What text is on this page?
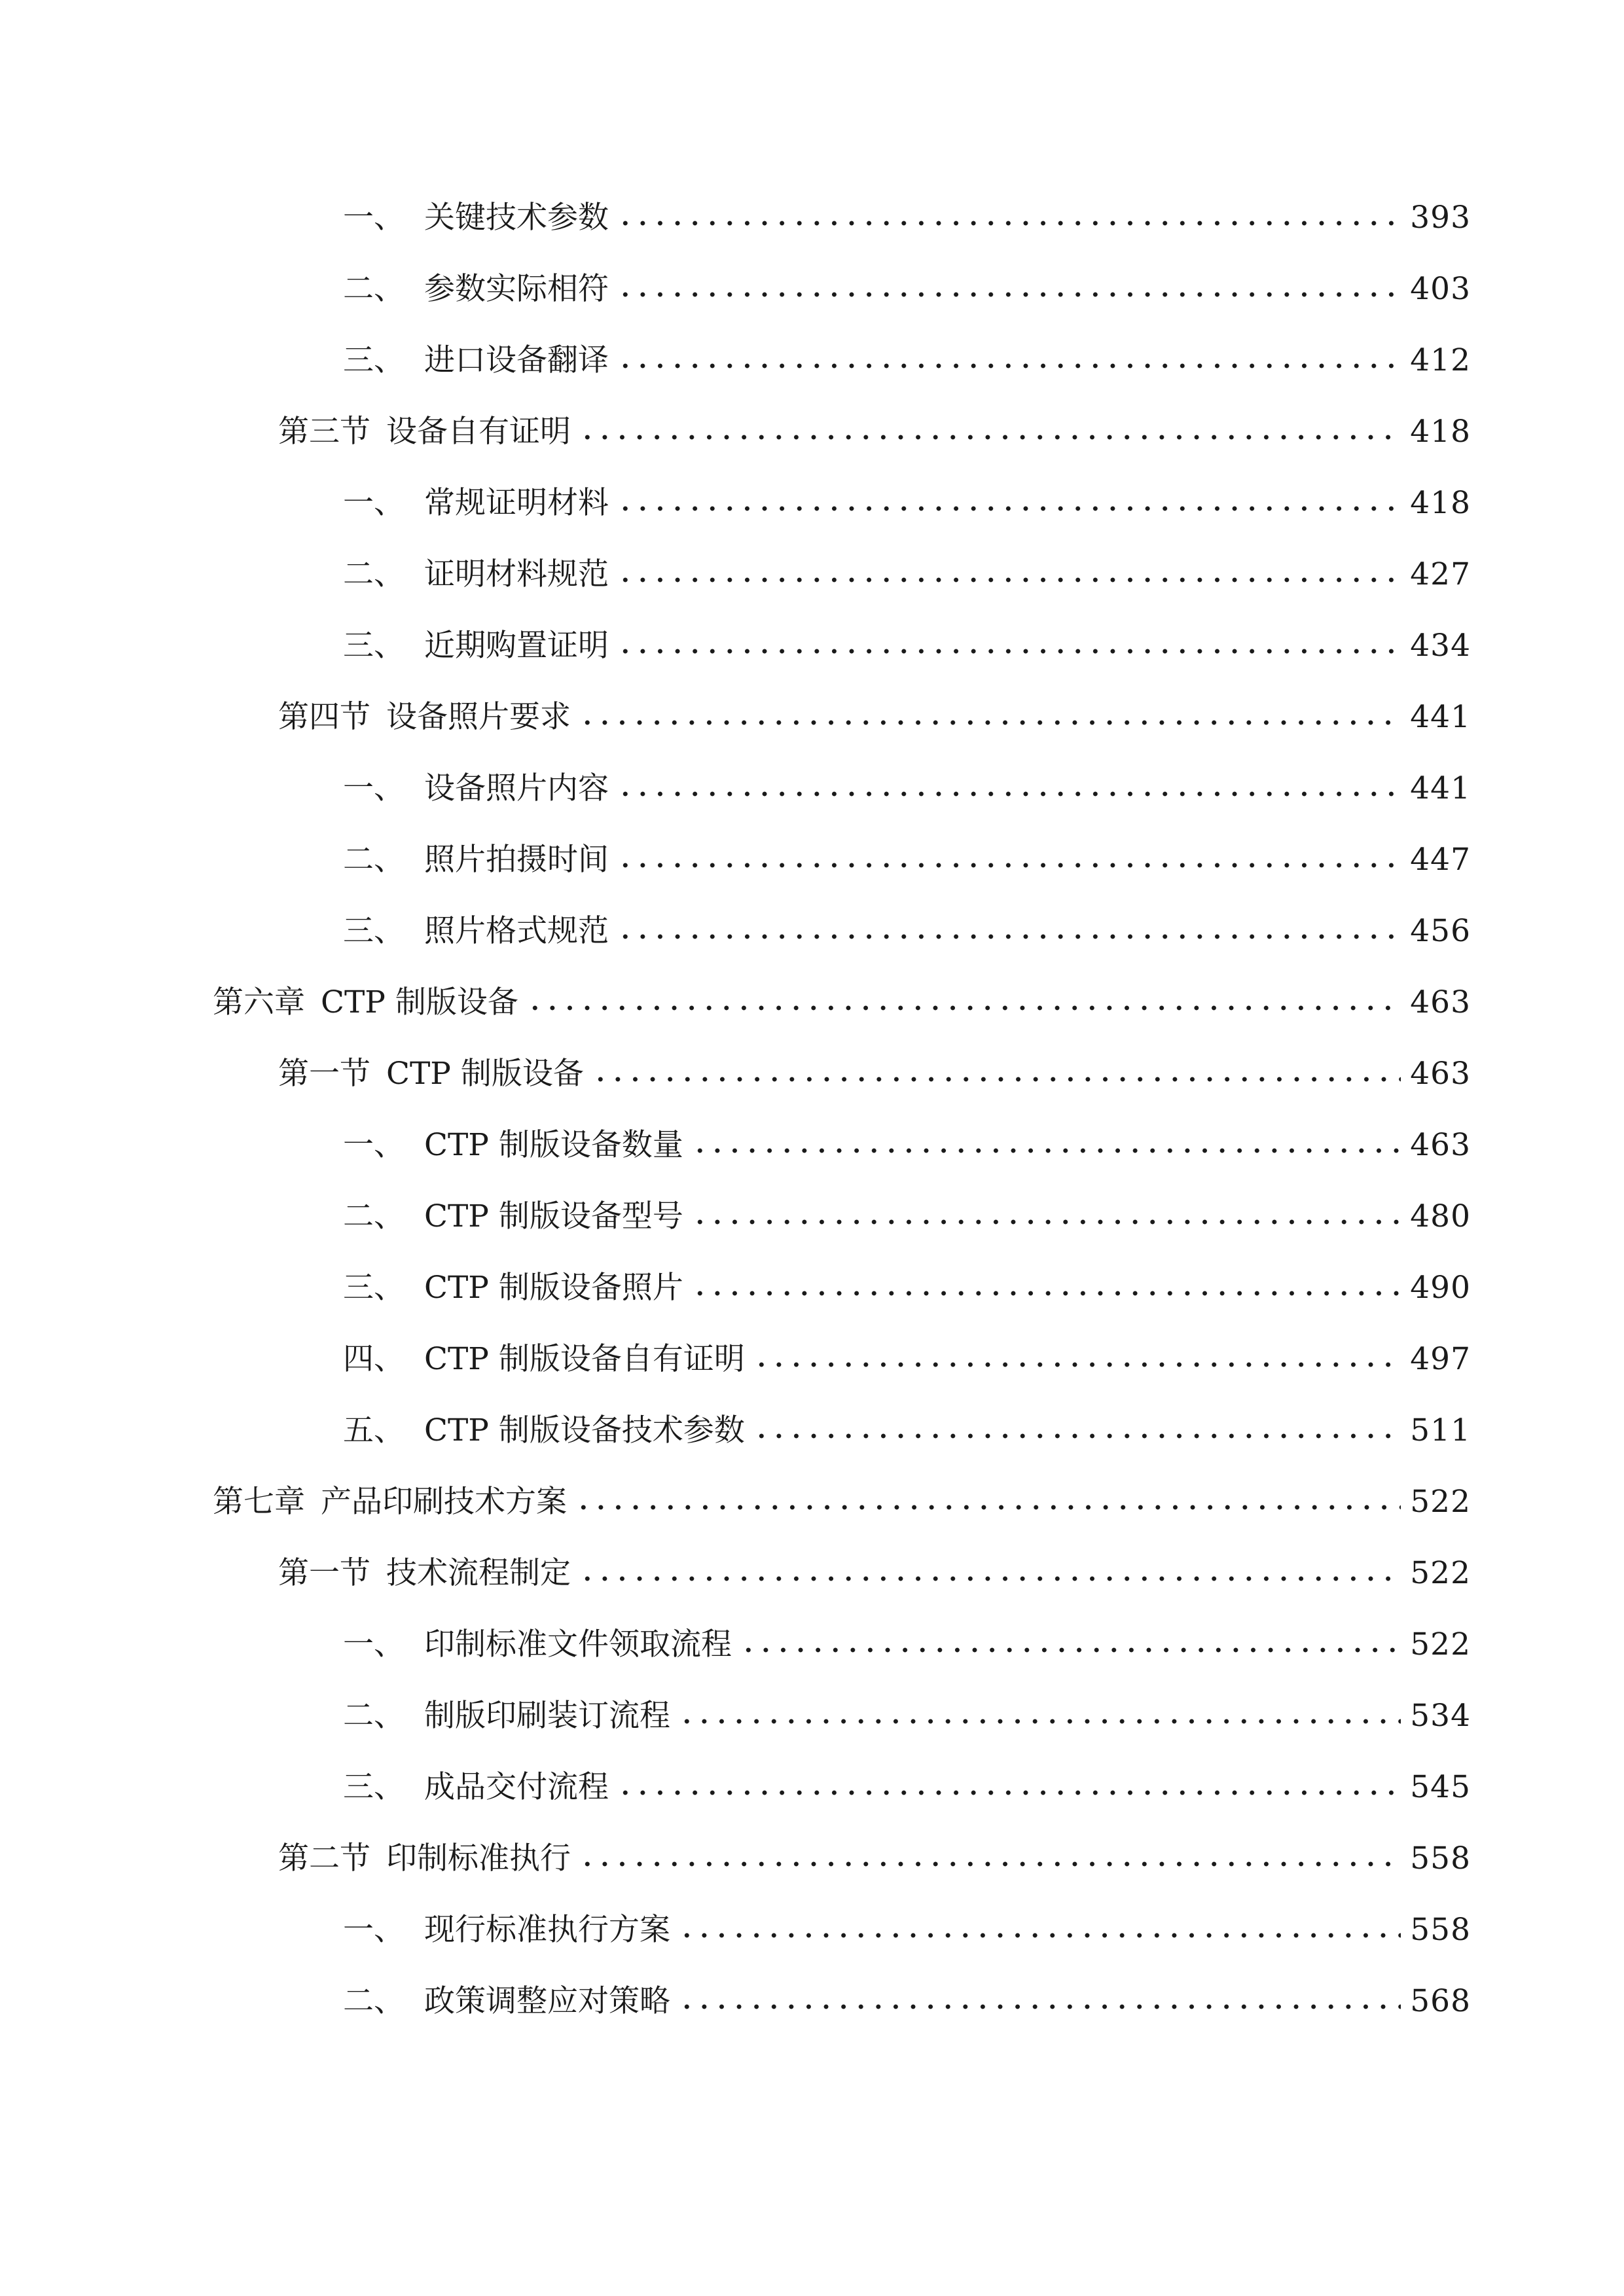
一、 关键技术参数	393
二、 参数实际相符	403
三、 进口设备翻译	412
第三节 设备自有证明	418
一、 常规证明材料	418
二、 证明材料规范	427
三、 近期购置证明	434
第四节 设备照片要求	441
一、 设备照片内容	441
二、 照片拍摄时间	447
三、 照片格式规范	456
第六章 CTP 制版设备	463
第一节 CTP 制版设备	463
一、 CTP 制版设备数量	463
二、 CTP 制版设备型号	480
三、 CTP 制版设备照片	490
四、 CTP 制版设备自有证明	497
五、 CTP 制版设备技术参数	511
第七章 产品印刷技术方案	522
第一节 技术流程制定	522
一、 印制标准文件领取流程	522
二、 制版印刷装订流程	534
三、 成品交付流程	545
第二节 印制标准执行	558
一、 现行标准执行方案	558
二、 政策调整应对策略	568
